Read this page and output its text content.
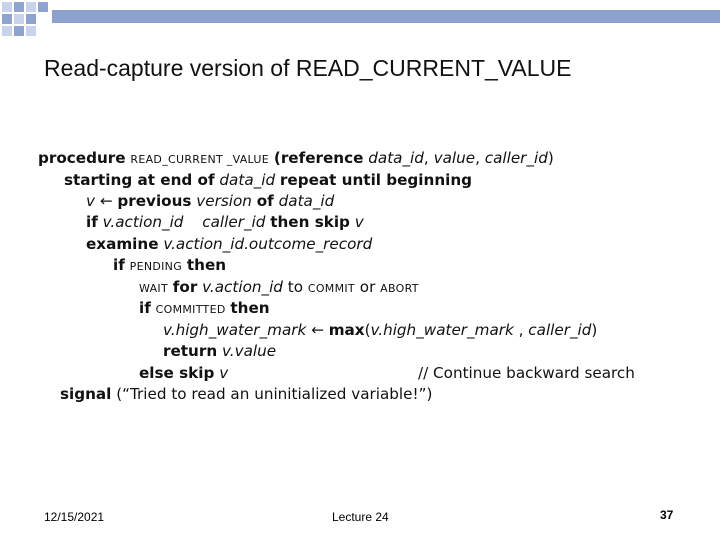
Read-capture version of READ_CURRENT_VALUE
procedure READ_CURRENT _VALUE (reference data_id, value, caller_id)
starting at end of data_id repeat until beginning
v ← previous version of data_id
if v.action_id caller_id then skip v
examine v.action_id.outcome_record
if PENDING then
WAIT for v.action_id to COMMIT or ABORT
if COMMITTED then
v.high_water_mark ← max(v.high_water_mark , caller_id)
return v.value
else skip v	// Continue backward search
signal (“Tried to read an uninitialized variable!”)
12/15/2021	Lecture 24	37
